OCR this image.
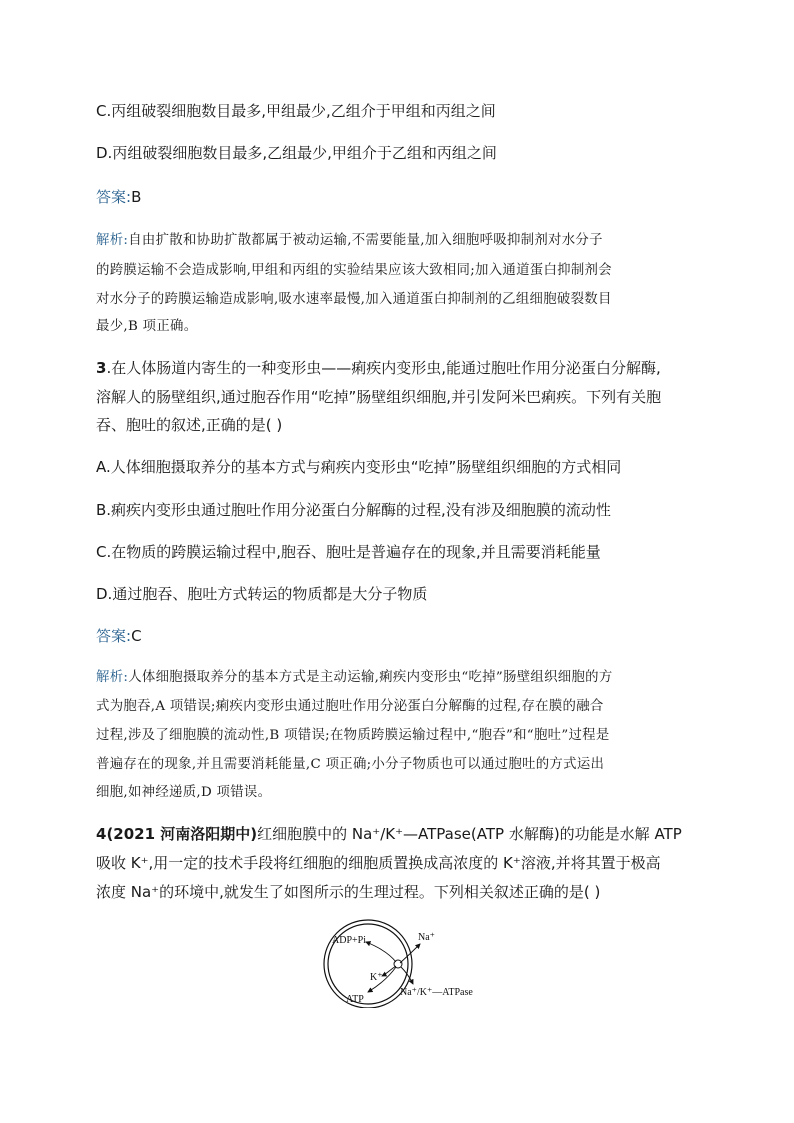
C.丙组破裂细胞数目最多,甲组最少,乙组介于甲组和丙组之间
D.丙组破裂细胞数目最多,乙组最少,甲组介于乙组和丙组之间
答案:B
解析:自由扩散和协助扩散都属于被动运输,不需要能量,加入细胞呼吸抑制剂对水分子
的跨膜运输不会造成影响,甲组和丙组的实验结果应该大致相同;加入通道蛋白抑制剂会
对水分子的跨膜运输造成影响,吸水速率最慢,加入通道蛋白抑制剂的乙组细胞破裂数目
最少,B 项正确。
3.在人体肠道内寄生的一种变形虫——痢疾内变形虫,能通过胞吐作用分泌蛋白分解酶,
溶解人的肠壁组织,通过胞吞作用“吃掉”肠壁组织细胞,并引发阿米巴痢疾。下列有关胞
吞、胞吐的叙述,正确的是( )
A.人体细胞摄取养分的基本方式与痢疾内变形虫“吃掉”肠壁组织细胞的方式相同
B.痢疾内变形虫通过胞吐作用分泌蛋白分解酶的过程,没有涉及细胞膜的流动性
C.在物质的跨膜运输过程中,胞吞、胞吐是普遍存在的现象,并且需要消耗能量
D.通过胞吞、胞吐方式转运的物质都是大分子物质
答案:C
解析:人体细胞摄取养分的基本方式是主动运输,痢疾内变形虫“吃掉”肠壁组织细胞的方
式为胞吞,A 项错误;痢疾内变形虫通过胞吐作用分泌蛋白分解酶的过程,存在膜的融合
过程,涉及了细胞膜的流动性,B 项错误;在物质跨膜运输过程中,“胞吞”和“胞吐”过程是
普遍存在的现象,并且需要消耗能量,C 项正确;小分子物质也可以通过胞吐的方式运出
细胞,如神经递质,D 项错误。
4(2021 河南洛阳期中)红细胞膜中的 Na⁺/K⁺—ATPase(ATP 水解酶)的功能是水解 ATP
吸收 K⁺,用一定的技术手段将红细胞的细胞质置换成高浓度的 K⁺溶液,并将其置于极高
浓度 Na⁺的环境中,就发生了如图所示的生理过程。下列相关叙述正确的是( )
ADP+Pi	Na⁺
K⁺
ATP
Na⁺/K⁺—ATPase
